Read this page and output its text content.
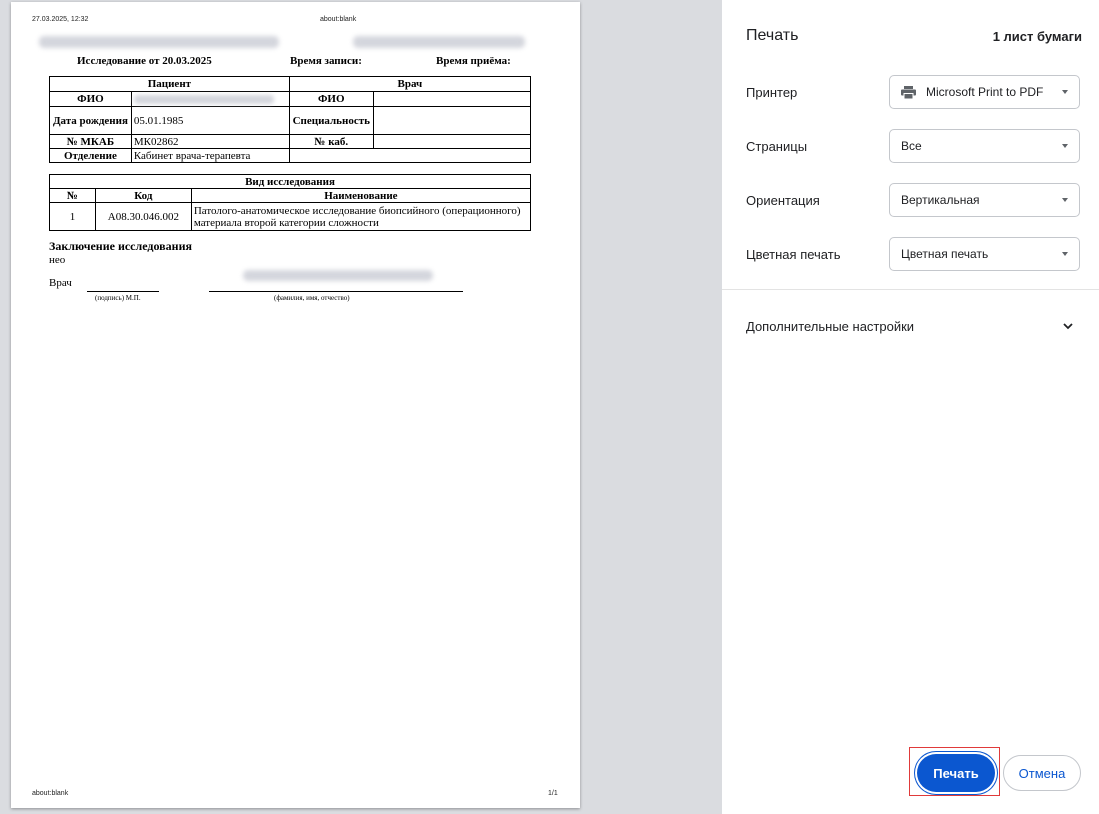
27.03.2025, 12:32	about:blank
Исследование от 20.03.2025	Время записи:	Время приёма:
Пациент		Врач	
ФИО		ФИО	
Дата рождения	05.01.1985	Специальность	
№ МКАБ	МК02862	№ каб.	
Отделение	Кабинет врача-терапевта		
Вид исследования		
№	Код	Наименование
1	A08.30.046.002	Патолого-анатомическое исследование биопсийного (операционного) материала второй категории сложности
Заключение исследования
нео
Врач
(подпись) М.П.	(фамилия, имя, отчество)
about:blank	1/1
Печать	1 лист бумаги
Принтер	Microsoft Print to PDF
Страницы	Все
Ориентация	Вертикальная
Цветная печать	Цветная печать
Дополнительные настройки
Печать	Отмена
